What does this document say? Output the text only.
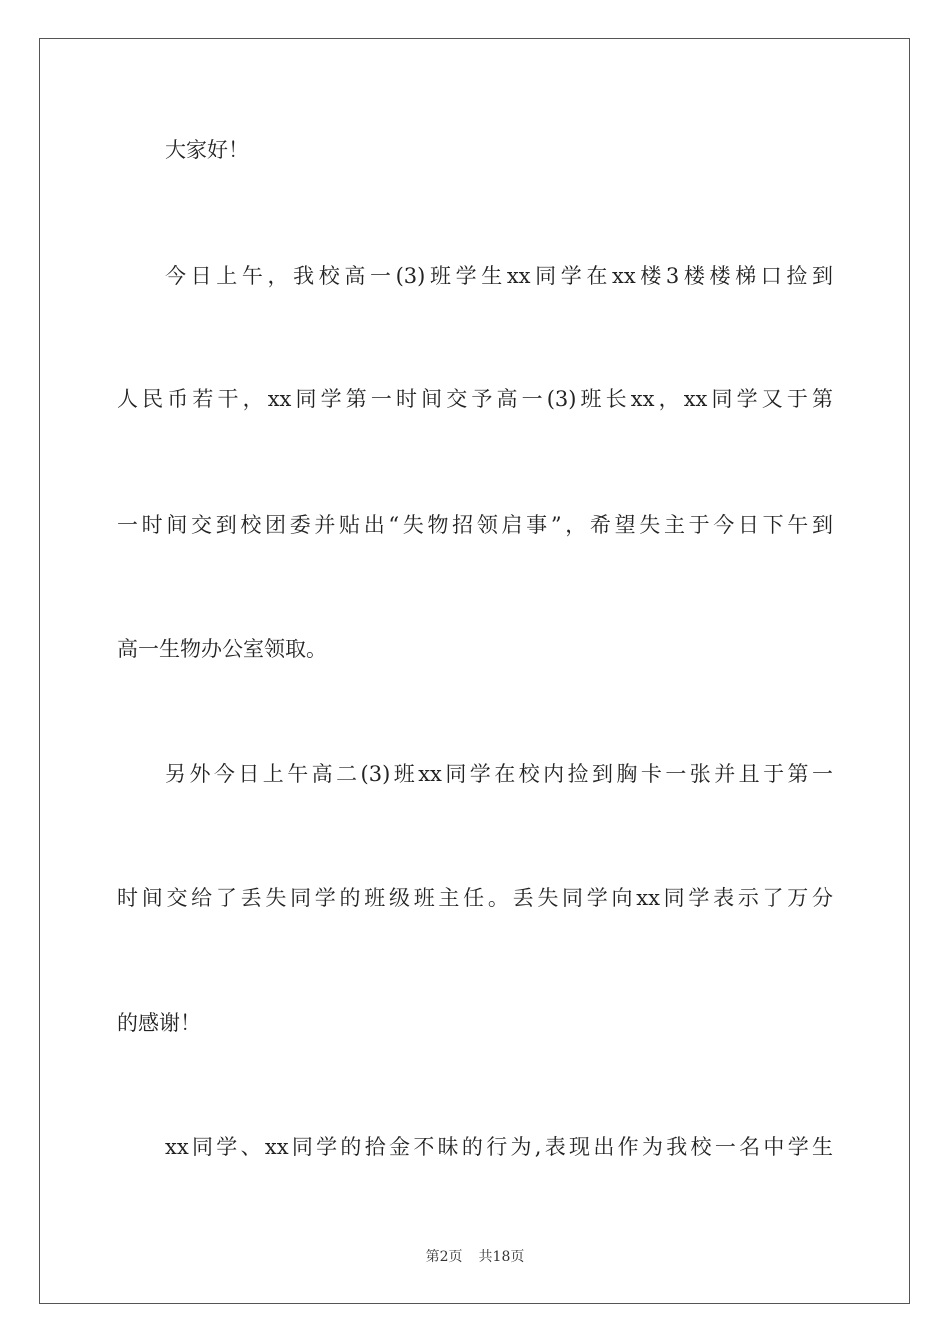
大家好！
今日上午，我校高一(3)班学生xx同学在xx楼3楼楼梯口捡到
人民币若干，xx同学第一时间交予高一(3)班长xx，xx同学又于第
一时间交到校团委并贴出“失物招领启事”，希望失主于今日下午到
高一生物办公室领取。
另外今日上午高二(3)班xx同学在校内捡到胸卡一张并且于第一
时间交给了丢失同学的班级班主任。丢失同学向xx同学表示了万分
的感谢！
xx同学、xx同学的拾金不昧的行为,表现出作为我校一名中学生
第2页 共18页
